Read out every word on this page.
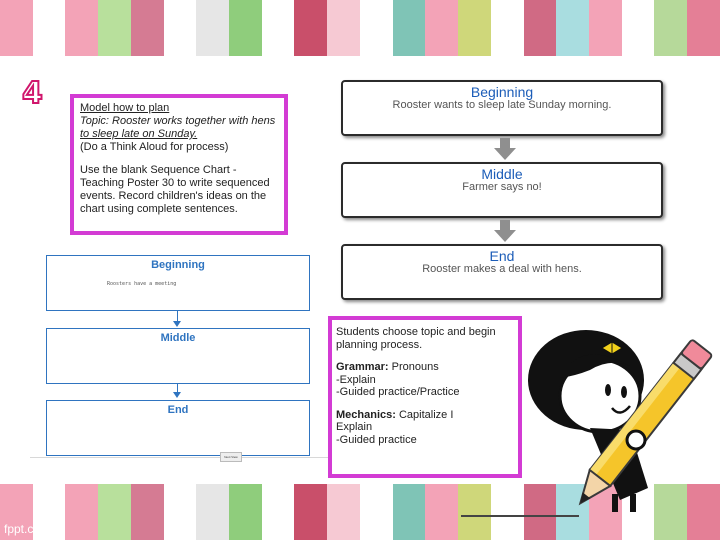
fppt.com
4	Model how to plan

Topic: Rooster works together with hens

to sleep late on Sunday.

(Do a Think Aloud for process)

Use the blank Sequence Chart -

Teaching Poster 30 to write sequenced

events. Record children's ideas on the

chart using complete sentences.

Beginning
Roosters have a meeting
Middle
End
Next View
Beginning
Rooster wants to sleep late Sunday morning.
Middle
Farmer says no!
End
Rooster makes a deal with hens.

Students choose topic and begin

planning process.

Grammar: Pronouns

-Explain

-Guided practice/Practice

Mechanics: Capitalize I

Explain

-Guided practice
